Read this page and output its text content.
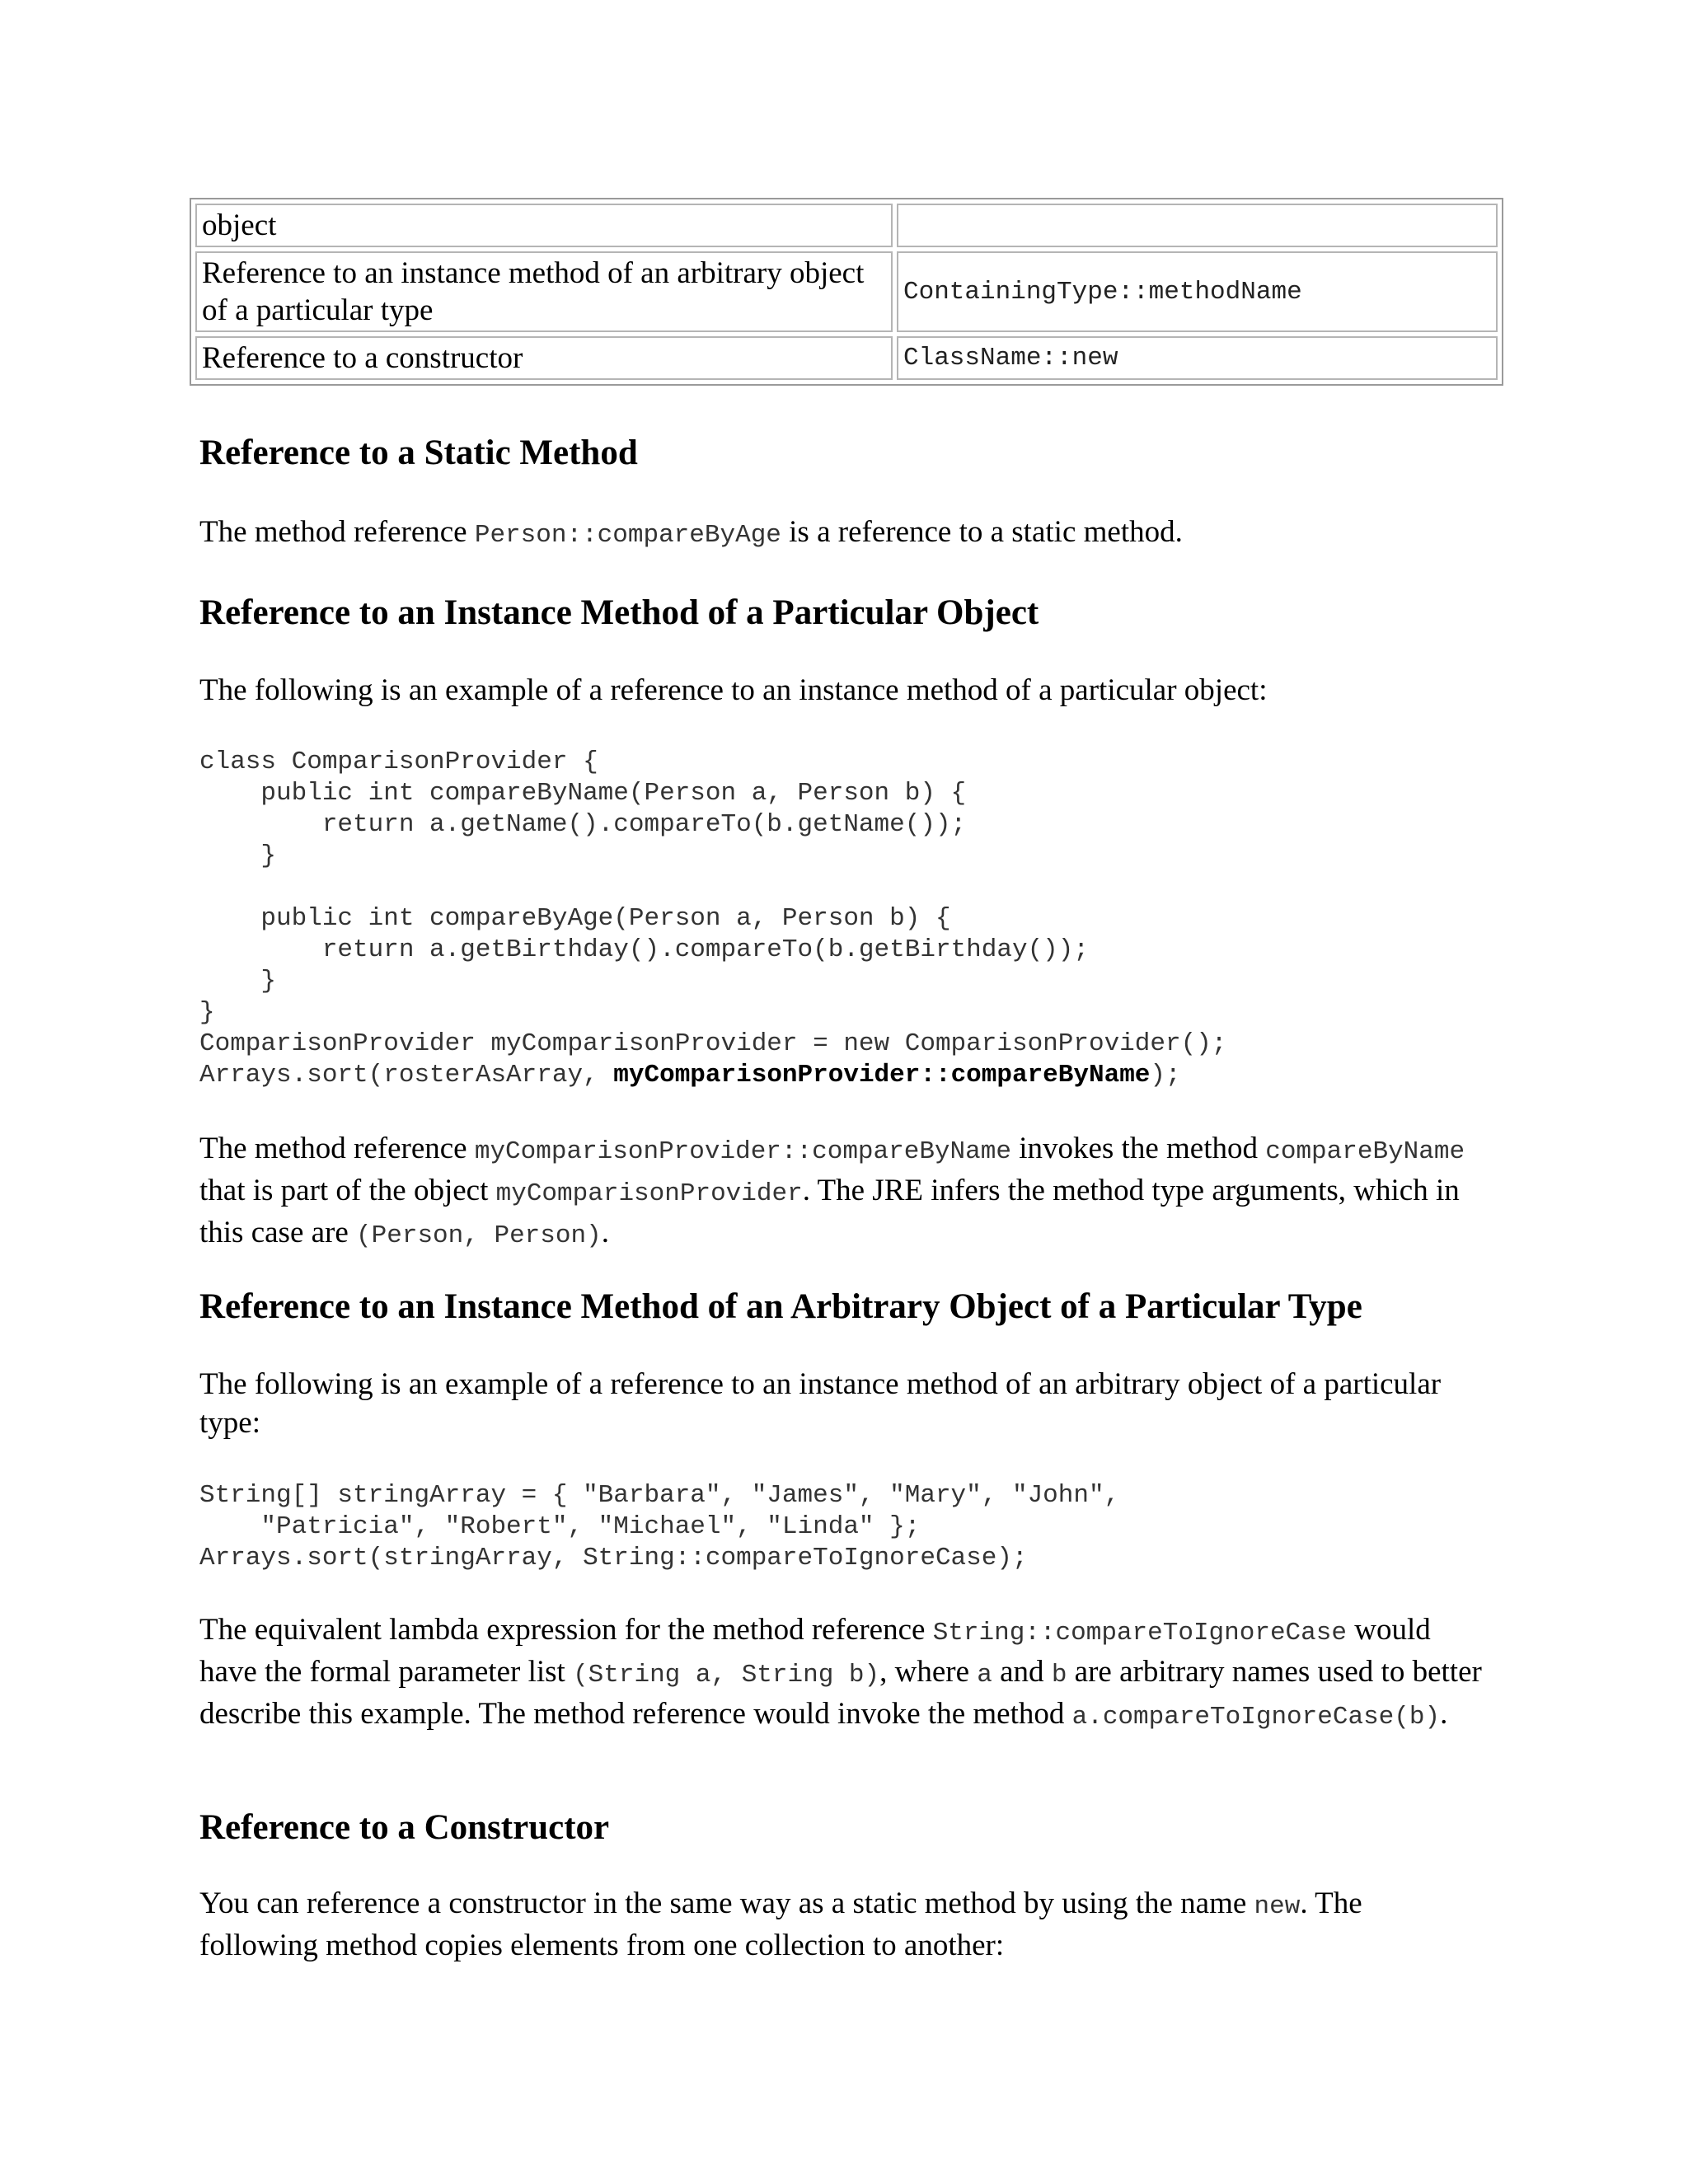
object	
Reference to an instance method of an arbitrary object of a particular type	ContainingType::methodName
Reference to a constructor	ClassName::new
Reference to a Static Method

The method reference Person::compareByAge is a reference to a static method.

Reference to an Instance Method of a Particular Object

The following is an example of a reference to an instance method of a particular object:

class ComparisonProvider {
public int compareByName(Person a, Person b) {
return a.getName().compareTo(b.getName());
}

public int compareByAge(Person a, Person b) {
return a.getBirthday().compareTo(b.getBirthday());
}
}
ComparisonProvider myComparisonProvider = new ComparisonProvider();
Arrays.sort(rosterAsArray, myComparisonProvider::compareByName);

The method reference myComparisonProvider::compareByName invokes the method compareByName that is part of the object myComparisonProvider. The JRE infers the method type arguments, which in this case are (Person, Person).

Reference to an Instance Method of an Arbitrary Object of a Particular Type

The following is an example of a reference to an instance method of an arbitrary object of a particular type:

String[] stringArray = { "Barbara", "James", "Mary", "John",
"Patricia", "Robert", "Michael", "Linda" };
Arrays.sort(stringArray, String::compareToIgnoreCase);

The equivalent lambda expression for the method reference String::compareToIgnoreCase would have the formal parameter list (String a, String b), where a and b are arbitrary names used to better describe this example. The method reference would invoke the method a.compareToIgnoreCase(b).

Reference to a Constructor

You can reference a constructor in the same way as a static method by using the name new. The following method copies elements from one collection to another:
